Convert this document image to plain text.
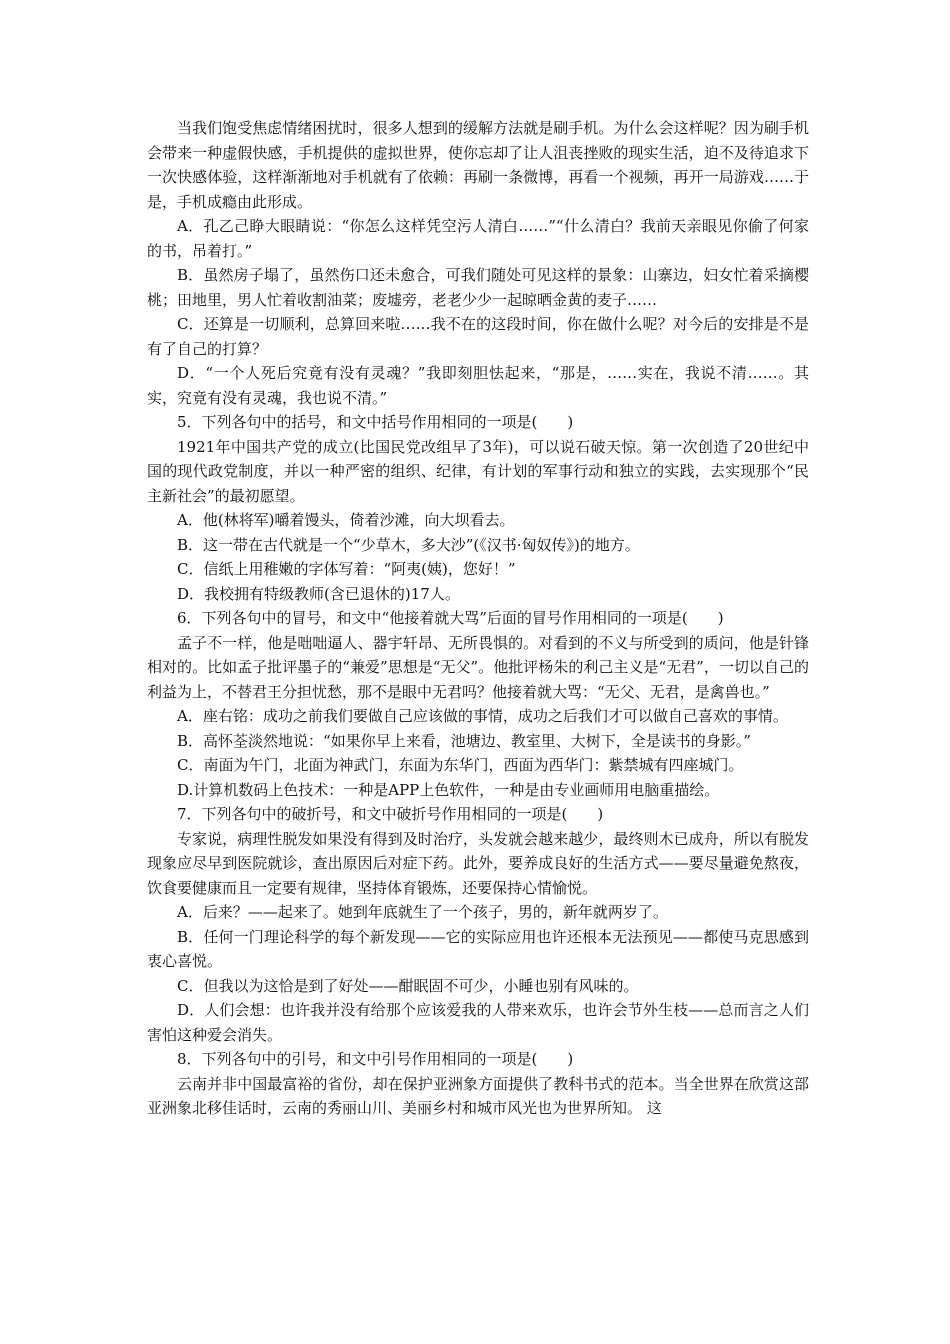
当我们饱受焦虑情绪困扰时，很多人想到的缓解方法就是刷手机。为什么会这样呢？因为刷手机会带来一种虚假快感，手机提供的虚拟世界，使你忘却了让人沮丧挫败的现实生活，迫不及待追求下一次快感体验，这样渐渐地对手机就有了依赖：再刷一条微博，再看一个视频，再开一局游戏……于是，手机成瘾由此形成。

A．孔乙己睁大眼睛说：“你怎么这样凭空污人清白……”“什么清白？我前天亲眼见你偷了何家的书，吊着打。”

B．虽然房子塌了，虽然伤口还未愈合，可我们随处可见这样的景象：山寨边，妇女忙着采摘樱桃；田地里，男人忙着收割油菜；废墟旁，老老少少一起晾晒金黄的麦子……

C．还算是一切顺利，总算回来啦……我不在的这段时间，你在做什么呢？对今后的安排是不是有了自己的打算？

D．“一个人死后究竟有没有灵魂？”我即刻胆怯起来，“那是，……实在，我说不清……。其实，究竟有没有灵魂，我也说不清。”

5．下列各句中的括号，和文中括号作用相同的一项是(　　)

1921年中国共产党的成立(比国民党改组早了3年)，可以说石破天惊。第一次创造了20世纪中国的现代政党制度，并以一种严密的组织、纪律，有计划的军事行动和独立的实践，去实现那个“民主新社会”的最初愿望。

A．他(林将军)嚼着馒头，倚着沙滩，向大坝看去。

B．这一带在古代就是一个“少草木，多大沙”(《汉书·匈奴传》)的地方。

C．信纸上用稚嫩的字体写着：“阿夷(姨)，您好！”

D．我校拥有特级教师(含已退休的)17人。

6．下列各句中的冒号，和文中“他接着就大骂”后面的冒号作用相同的一项是(　　)

孟子不一样，他是咄咄逼人、器宇轩昂、无所畏惧的。对看到的不义与所受到的质问，他是针锋相对的。比如孟子批评墨子的“兼爱”思想是“无父”。他批评杨朱的利己主义是“无君”，一切以自己的利益为上，不替君王分担忧愁，那不是眼中无君吗？他接着就大骂：“无父、无君，是禽兽也。”

A．座右铭：成功之前我们要做自己应该做的事情，成功之后我们才可以做自己喜欢的事情。

B．高怀荃淡然地说：“如果你早上来看，池塘边、教室里、大树下，全是读书的身影。”

C．南面为午门，北面为神武门，东面为东华门，西面为西华门：紫禁城有四座城门。

D.计算机数码上色技术：一种是APP上色软件，一种是由专业画师用电脑重描绘。

7．下列各句中的破折号，和文中破折号作用相同的一项是(　　)

专家说，病理性脱发如果没有得到及时治疗，头发就会越来越少，最终则木已成舟，所以有脱发现象应尽早到医院就诊，查出原因后对症下药。此外，要养成良好的生活方式——要尽量避免熬夜，饮食要健康而且一定要有规律，坚持体育锻炼，还要保持心情愉悦。

A．后来？——起来了。她到年底就生了一个孩子，男的，新年就两岁了。

B．任何一门理论科学的每个新发现——它的实际应用也许还根本无法预见——都使马克思感到衷心喜悦。

C．但我以为这恰是到了好处——酣眠固不可少，小睡也别有风味的。

D．人们会想：也许我并没有给那个应该爱我的人带来欢乐，也许会节外生枝——总而言之人们害怕这种爱会消失。

8．下列各句中的引号，和文中引号作用相同的一项是(　　)

云南并非中国最富裕的省份，却在保护亚洲象方面提供了教科书式的范本。当全世界在欣赏这部亚洲象北移佳话时，云南的秀丽山川、美丽乡村和城市风光也为世界所知。 这
